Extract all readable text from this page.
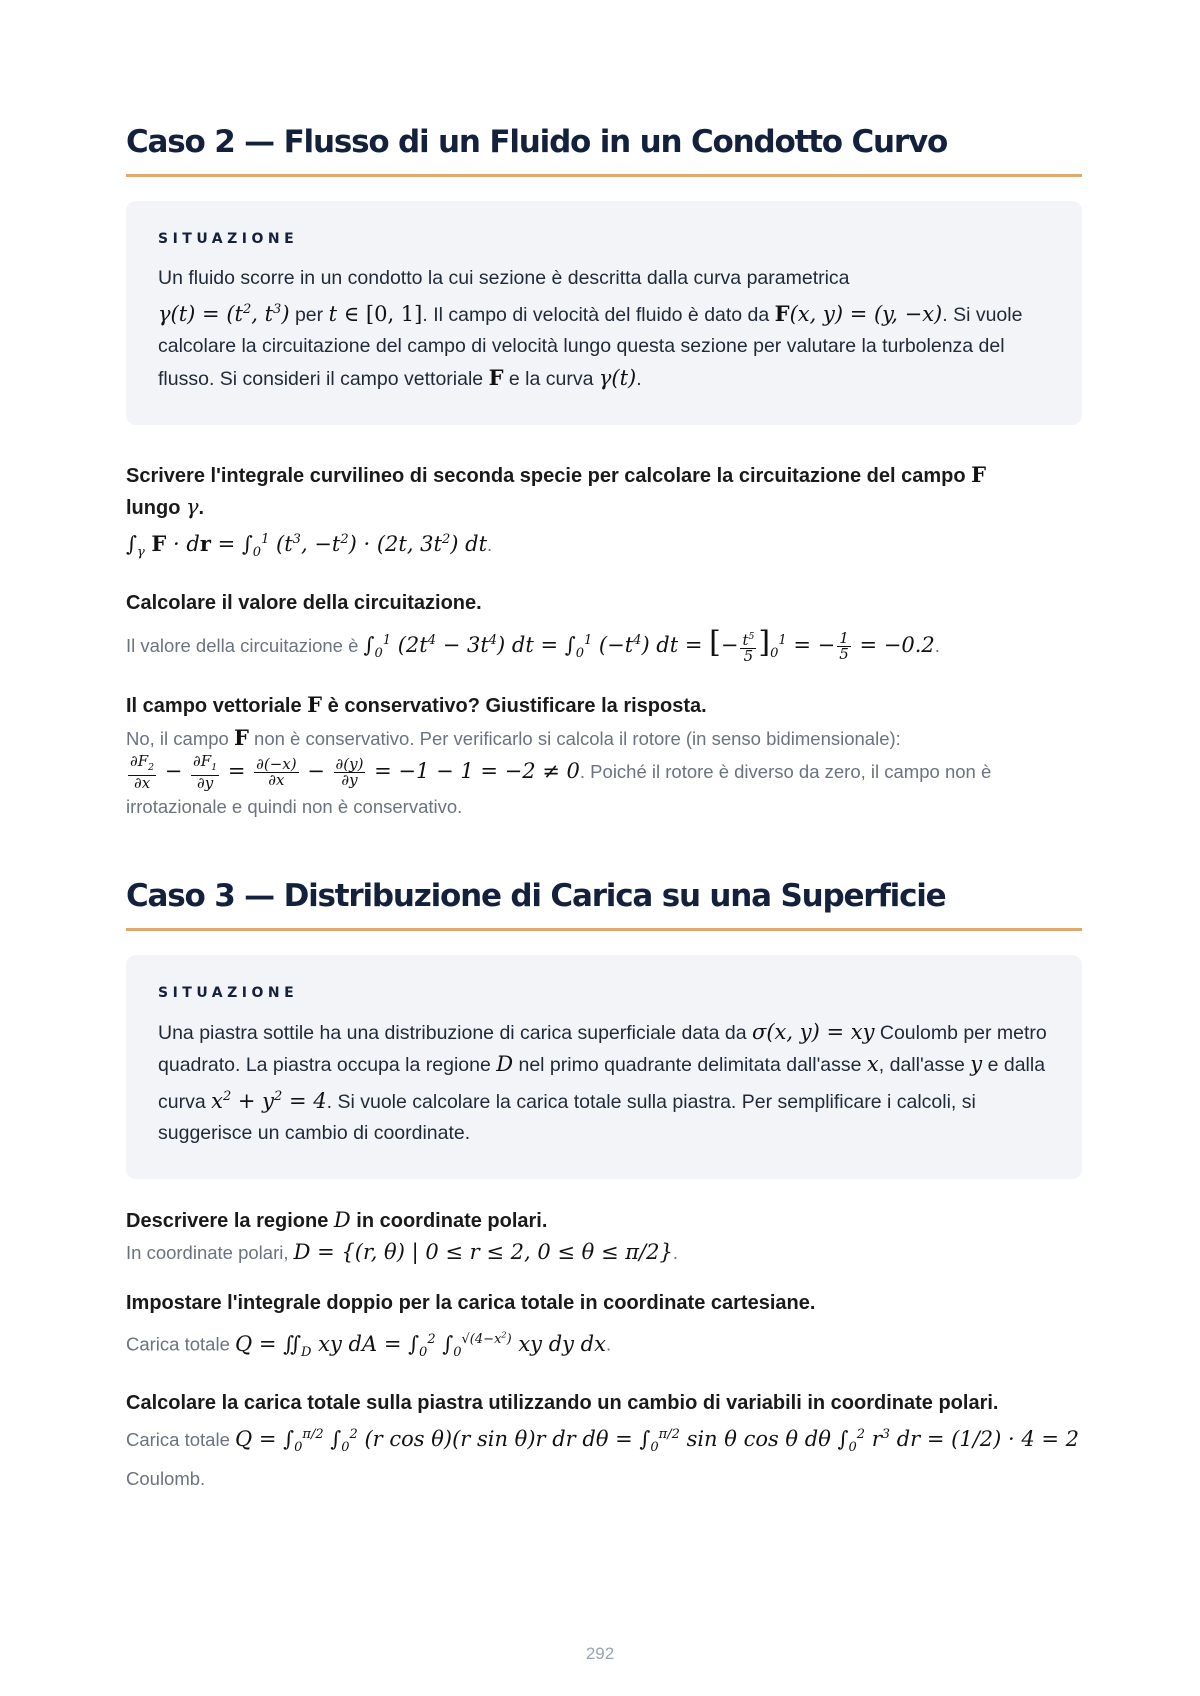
Caso 2 — Flusso di un Fluido in un Condotto Curvo
SITUAZIONE
Un fluido scorre in un condotto la cui sezione è descritta dalla curva parametrica
$\gamma(t) = (t^2$, $t^3$) per t ∈ [0, 1]. Il campo di velocità del fluido è dato da F(x, y) = (y, −x). Si vuole calcolare la circuitazione del campo di velocità lungo questa sezione per valutare la turbolenza del flusso. Si consideri il campo vettoriale F e la curva γ(t).
Scrivere l'integrale curvilineo di seconda specie per calcolare la circuitazione del campo F
lungo γ.
$\int_\gamma$ F · dr = $\int_0^1$ ($t^3$, $-t^2) \cdot (2t$, $3t^2$) dt.
Calcolare il valore della circuitazione.
Il valore della circuitazione è $\int_0^1$ $(2t^4 - 3t^4)$ dt = $\int_0^1$ $(-t^4)$ dt = [− $\frac{t^5}{5} ]_0^1$ = − $\frac{1}{5} = -0.2$.
Il campo vettoriale F è conservativo? Giustificare la risposta.
No, il campo F non è conservativo. Per verificarlo si calcola il rotore (in senso bidimensionale):

$\frac{\partial F_2}{\partial x} - \frac{\partial F_1}{\partial y} = \frac{\partial(-x)}{\partial x} - \frac{\partial(y)}{\partial y} = -1 - 1 = -2 \ne 0$. Poiché il rotore è diverso da zero, il campo non è irrotazionale e quindi non è conservativo.
Caso 3 — Distribuzione di Carica su una Superficie
SITUAZIONE
Una piastra sottile ha una distribuzione di carica superficiale data da σ(x, y) = xy Coulomb per metro quadrato. La piastra occupa la regione D nel primo quadrante delimitata dall'asse x, dall'asse y e dalla curva $x^2 + y^2 = 4$. Si vuole calcolare la carica totale sulla piastra. Per semplificare i calcoli, si suggerisce un cambio di coordinate.
Descrivere la regione D in coordinate polari.
In coordinate polari, D = {(r, θ) | 0 ≤ r ≤ 2, 0 ≤ θ ≤ π/2}.
Impostare l'integrale doppio per la carica totale in coordinate cartesiane.
Carica totale $Q = ∬_D$ xy dA = $\int_0^2$ $\int_0^{√(4-x^2)}$ xy dy dx.
Calcolare la carica totale sulla piastra utilizzando un cambio di variabili in coordinate polari.
Carica totale $Q = \int_0^{\pi/2}$ $\int_0^2$ (r cos θ)(r sin θ)r dr $d\theta = \int_0^{\pi/2}$ sin θ cos θ dθ $\int_0^2$ $r^3$ dr = (1/2) · 4 = 2
Coulomb.
292
